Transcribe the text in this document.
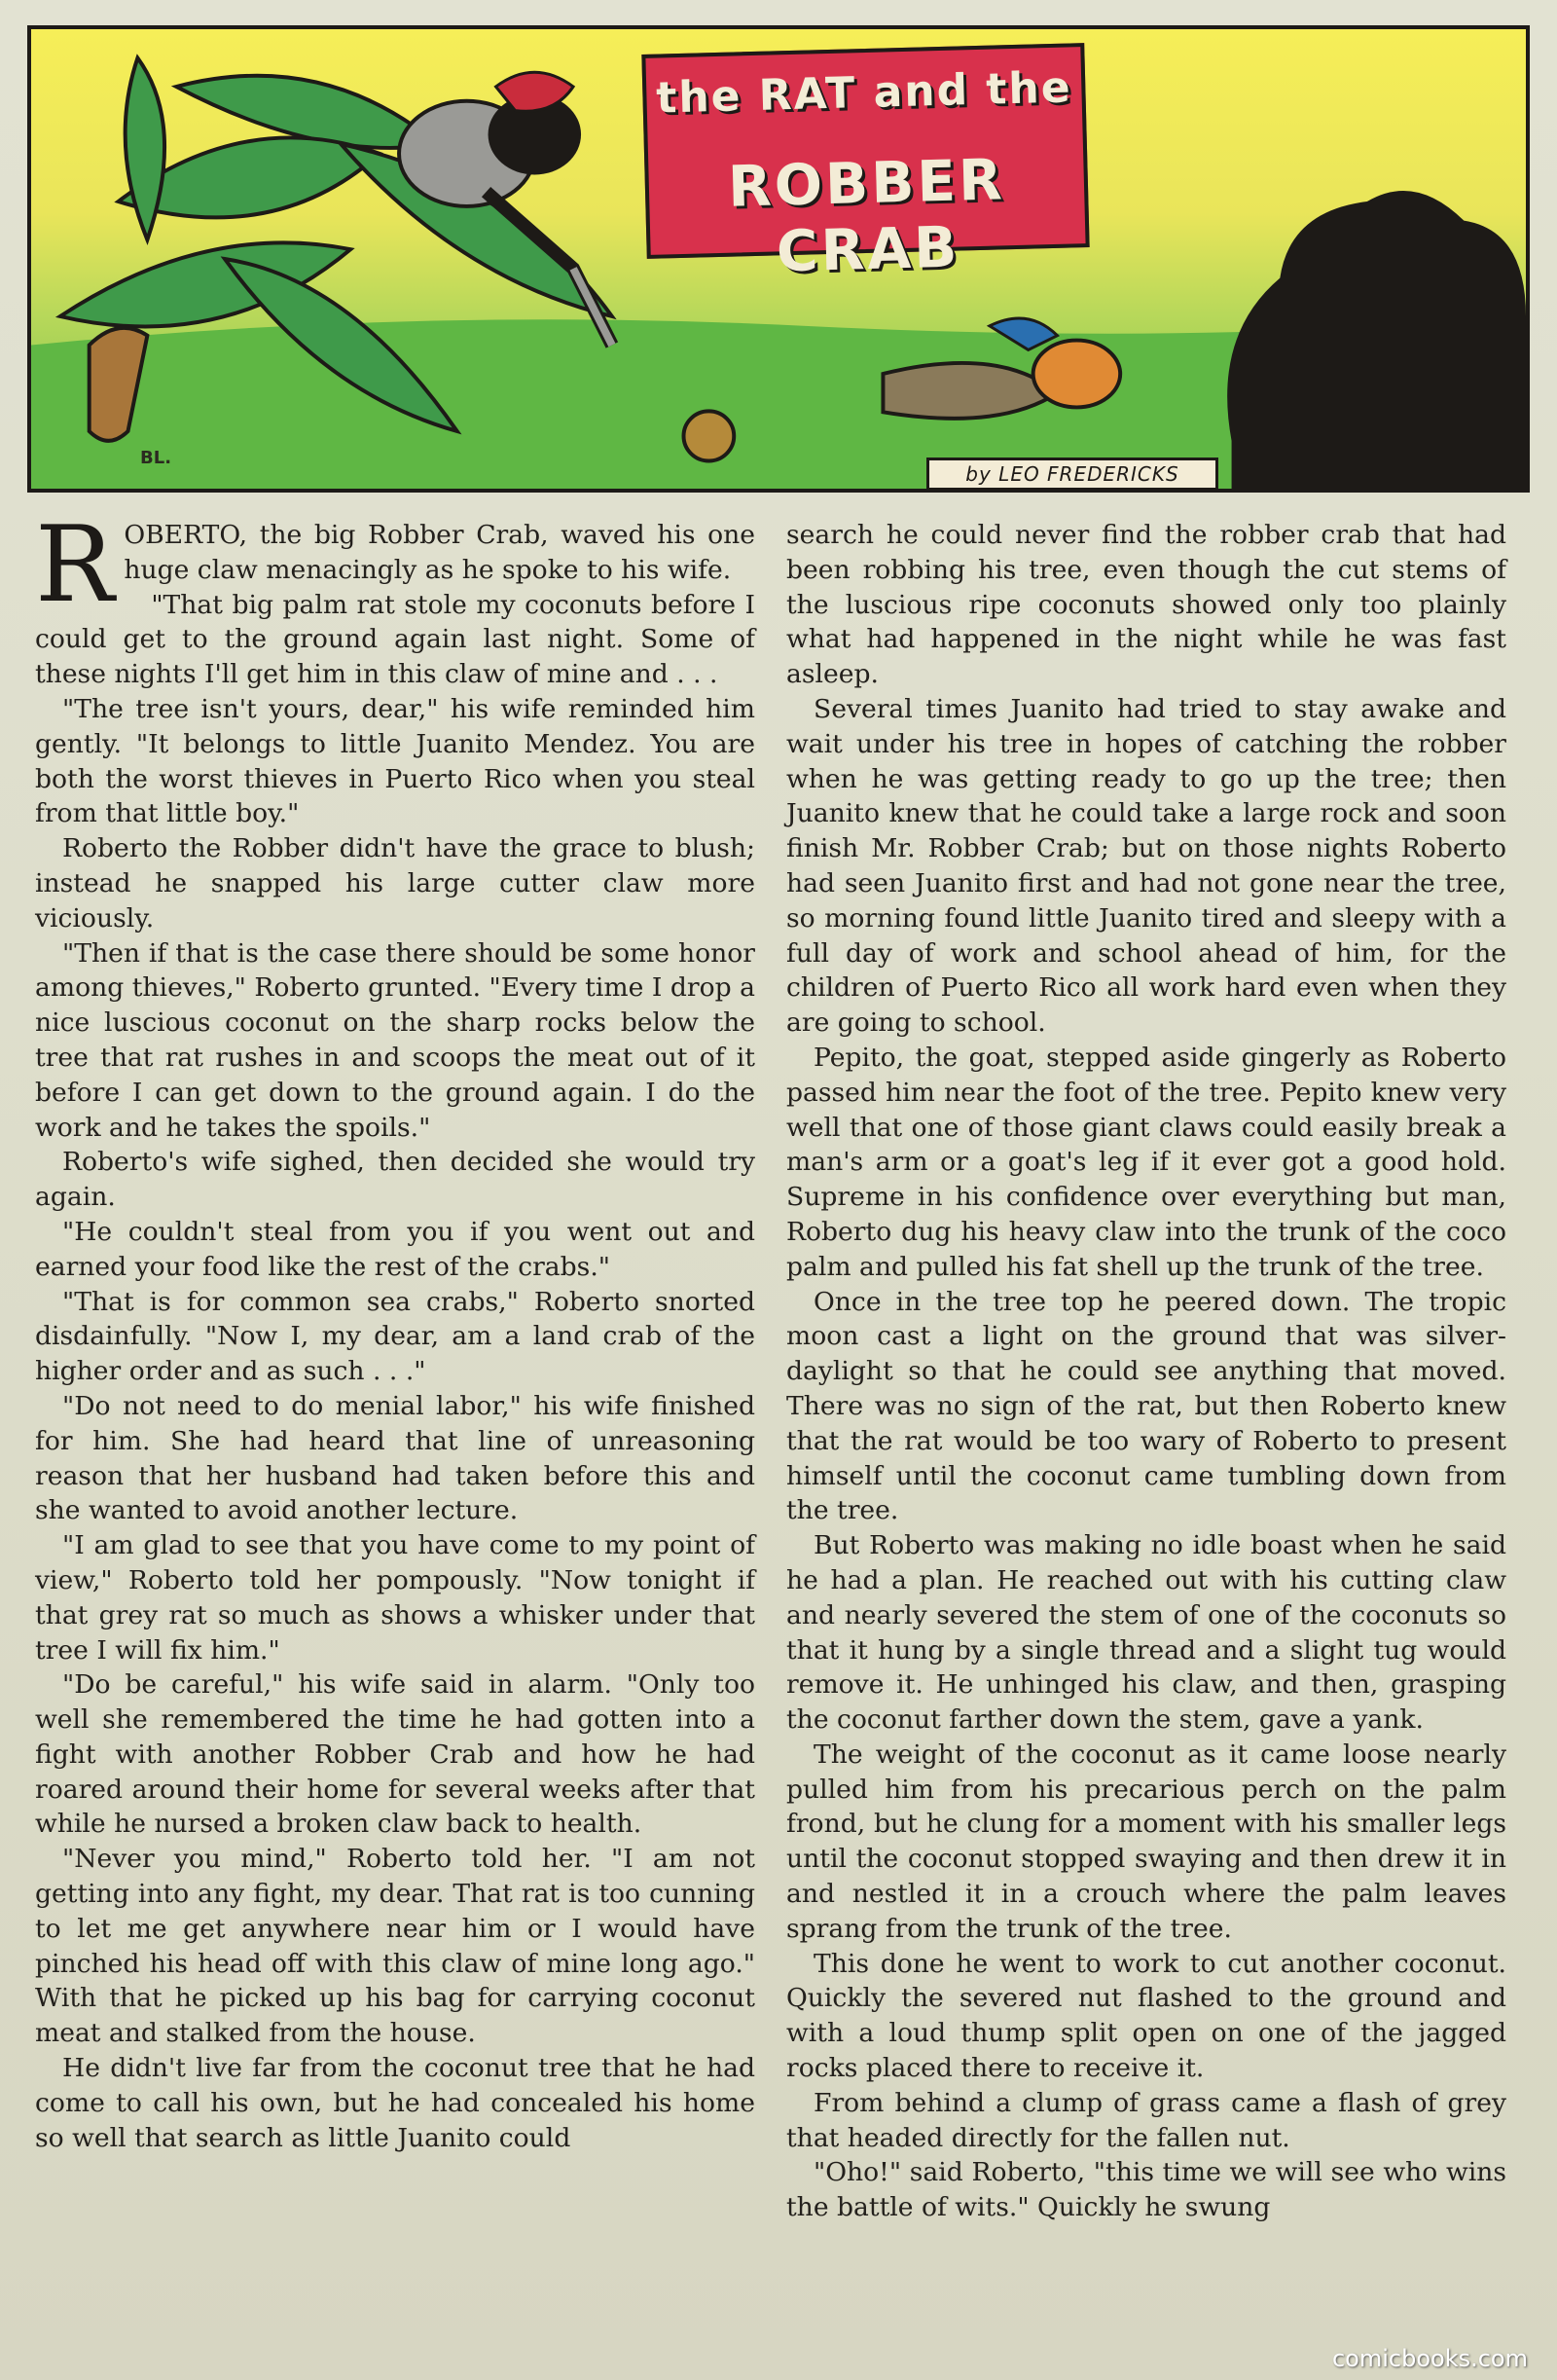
the RAT and the
ROBBER CRAB
BL.
by LEO FREDERICKS

ROBERTO, the big Robber Crab, waved his one huge claw menacingly as he spoke to his wife.

"That big palm rat stole my coconuts before I could get to the ground again last night. Some of these nights I'll get him in this claw of mine and . . .

"The tree isn't yours, dear," his wife reminded him gently. "It belongs to little Juanito Mendez. You are both the worst thieves in Puerto Rico when you steal from that little boy."

Roberto the Robber didn't have the grace to blush; instead he snapped his large cutter claw more viciously.

"Then if that is the case there should be some honor among thieves," Roberto grunted. "Every time I drop a nice luscious coconut on the sharp rocks below the tree that rat rushes in and scoops the meat out of it before I can get down to the ground again. I do the work and he takes the spoils."

Roberto's wife sighed, then decided she would try again.

"He couldn't steal from you if you went out and earned your food like the rest of the crabs."

"That is for common sea crabs," Roberto snorted disdainfully. "Now I, my dear, am a land crab of the higher order and as such . . ."

"Do not need to do menial labor," his wife finished for him. She had heard that line of unreasoning reason that her husband had taken before this and she wanted to avoid another lecture.

"I am glad to see that you have come to my point of view," Roberto told her pompously. "Now tonight if that grey rat so much as shows a whisker under that tree I will fix him."

"Do be careful," his wife said in alarm. "Only too well she remembered the time he had gotten into a fight with another Robber Crab and how he had roared around their home for several weeks after that while he nursed a broken claw back to health.

"Never you mind," Roberto told her. "I am not getting into any fight, my dear. That rat is too cunning to let me get anywhere near him or I would have pinched his head off with this claw of mine long ago." With that he picked up his bag for carrying coconut meat and stalked from the house.

He didn't live far from the coconut tree that he had come to call his own, but he had concealed his home so well that search as little Juanito could

search he could never find the robber crab that had been robbing his tree, even though the cut stems of the luscious ripe coconuts showed only too plainly what had happened in the night while he was fast asleep.

Several times Juanito had tried to stay awake and wait under his tree in hopes of catching the robber when he was getting ready to go up the tree; then Juanito knew that he could take a large rock and soon finish Mr. Robber Crab; but on those nights Roberto had seen Juanito first and had not gone near the tree, so morning found little Juanito tired and sleepy with a full day of work and school ahead of him, for the children of Puerto Rico all work hard even when they are going to school.

Pepito, the goat, stepped aside gingerly as Roberto passed him near the foot of the tree. Pepito knew very well that one of those giant claws could easily break a man's arm or a goat's leg if it ever got a good hold. Supreme in his confidence over everything but man, Roberto dug his heavy claw into the trunk of the coco palm and pulled his fat shell up the trunk of the tree.

Once in the tree top he peered down. The tropic moon cast a light on the ground that was silver-daylight so that he could see anything that moved. There was no sign of the rat, but then Roberto knew that the rat would be too wary of Roberto to present himself until the coconut came tumbling down from the tree.

But Roberto was making no idle boast when he said he had a plan. He reached out with his cutting claw and nearly severed the stem of one of the coconuts so that it hung by a single thread and a slight tug would remove it. He unhinged his claw, and then, grasping the coconut farther down the stem, gave a yank.

The weight of the coconut as it came loose nearly pulled him from his precarious perch on the palm frond, but he clung for a moment with his smaller legs until the coconut stopped swaying and then drew it in and nestled it in a crouch where the palm leaves sprang from the trunk of the tree.

This done he went to work to cut another coconut. Quickly the severed nut flashed to the ground and with a loud thump split open on one of the jagged rocks placed there to receive it.

From behind a clump of grass came a flash of grey that headed directly for the fallen nut.

"Oho!" said Roberto, "this time we will see who wins the battle of wits." Quickly he swung

comicbooks.com
